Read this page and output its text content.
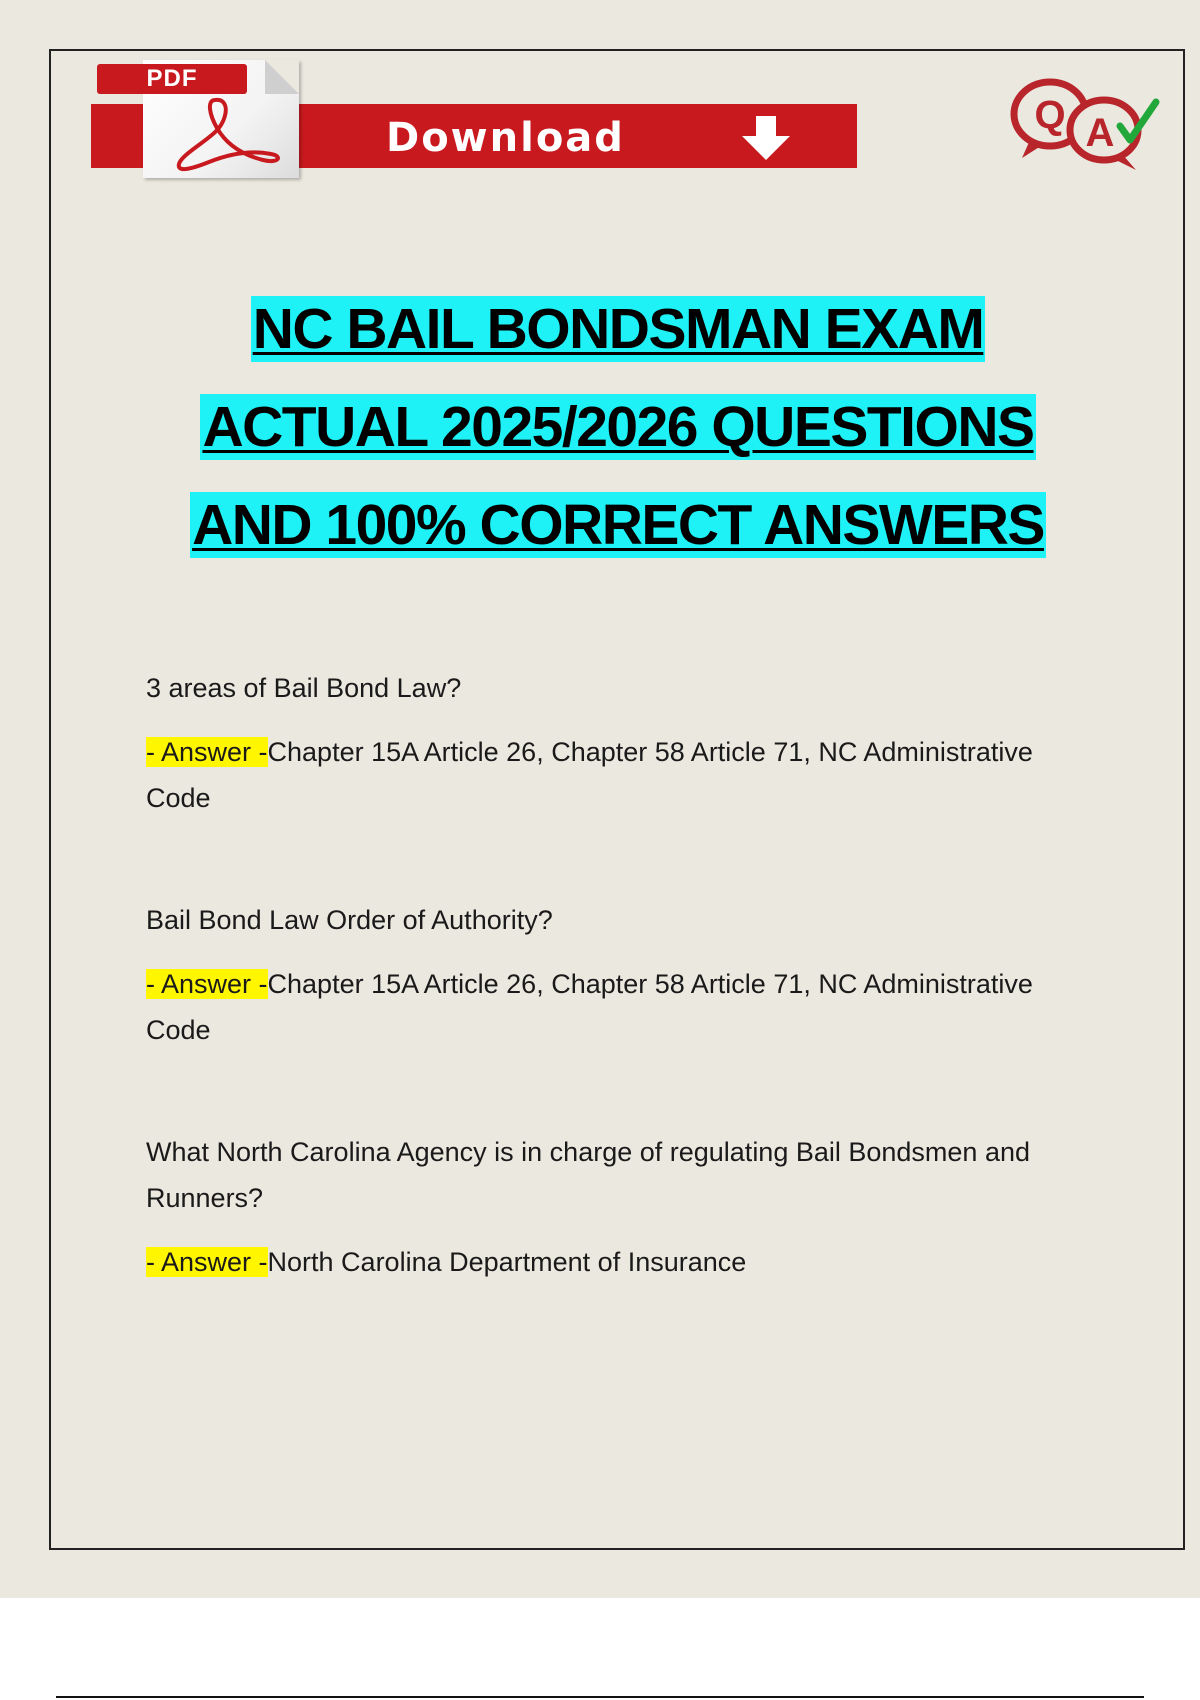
PDF
Download	Q A
NC BAIL BONDSMAN EXAM
ACTUAL 2025/2026 QUESTIONS
AND 100% CORRECT ANSWERS
3 areas of Bail Bond Law?
- Answer -Chapter 15A Article 26, Chapter 58 Article 71, NC Administrative Code
Bail Bond Law Order of Authority?
- Answer -Chapter 15A Article 26, Chapter 58 Article 71, NC Administrative Code
What North Carolina Agency is in charge of regulating Bail Bondsmen and Runners?
- Answer -North Carolina Department of Insurance
